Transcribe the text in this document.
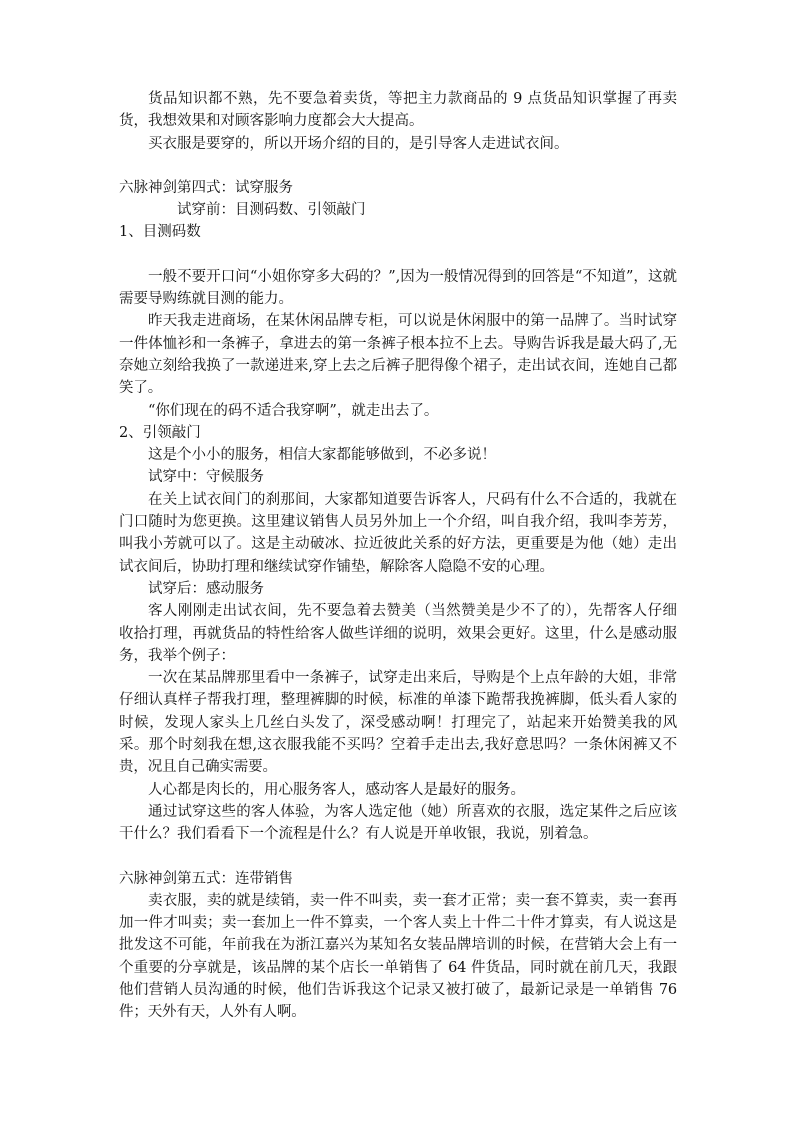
货品知识都不熟，先不要急着卖货，等把主力款商品的 9 点货品知识掌握了再卖货，我想效果和对顾客影响力度都会大大提高。

买衣服是要穿的，所以开场介绍的目的，是引导客人走进试衣间。

六脉神剑第四式：试穿服务

试穿前：目测码数、引领敲门

1、目测码数

一般不要开口问“小姐你穿多大码的？”,因为一般情况得到的回答是“不知道”，这就需要导购练就目测的能力。

昨天我走进商场，在某休闲品牌专柜，可以说是休闲服中的第一品牌了。当时试穿一件体恤衫和一条裤子，拿进去的第一条裤子根本拉不上去。导购告诉我是最大码了,无奈她立刻给我换了一款递进来,穿上去之后裤子肥得像个裙子，走出试衣间，连她自己都笑了。

“你们现在的码不适合我穿啊”，就走出去了。

2、引领敲门

这是个小小的服务，相信大家都能够做到，不必多说！

试穿中：守候服务

在关上试衣间门的刹那间，大家都知道要告诉客人，尺码有什么不合适的，我就在门口随时为您更换。这里建议销售人员另外加上一个介绍，叫自我介绍，我叫李芳芳，叫我小芳就可以了。这是主动破冰、拉近彼此关系的好方法，更重要是为他（她）走出试衣间后，协助打理和继续试穿作铺垫，解除客人隐隐不安的心理。

试穿后：感动服务

客人刚刚走出试衣间，先不要急着去赞美（当然赞美是少不了的），先帮客人仔细收拾打理，再就货品的特性给客人做些详细的说明，效果会更好。这里，什么是感动服务，我举个例子：

一次在某品牌那里看中一条裤子，试穿走出来后，导购是个上点年龄的大姐，非常仔细认真样子帮我打理，整理裤脚的时候，标准的单漆下跪帮我挽裤脚，低头看人家的时候，发现人家头上几丝白头发了，深受感动啊！打理完了，站起来开始赞美我的风采。那个时刻我在想,这衣服我能不买吗？空着手走出去,我好意思吗？一条休闲裤又不贵，况且自己确实需要。

人心都是肉长的，用心服务客人，感动客人是最好的服务。

通过试穿这些的客人体验，为客人选定他（她）所喜欢的衣服，选定某件之后应该干什么？我们看看下一个流程是什么？有人说是开单收银，我说，别着急。

六脉神剑第五式：连带销售

卖衣服，卖的就是续销，卖一件不叫卖，卖一套才正常；卖一套不算卖，卖一套再加一件才叫卖；卖一套加上一件不算卖，一个客人卖上十件二十件才算卖，有人说这是批发这不可能，年前我在为浙江嘉兴为某知名女装品牌培训的时候，在营销大会上有一个重要的分享就是，该品牌的某个店长一单销售了 64 件货品，同时就在前几天，我跟他们营销人员沟通的时候，他们告诉我这个记录又被打破了，最新记录是一单销售 76 件；天外有天，人外有人啊。
